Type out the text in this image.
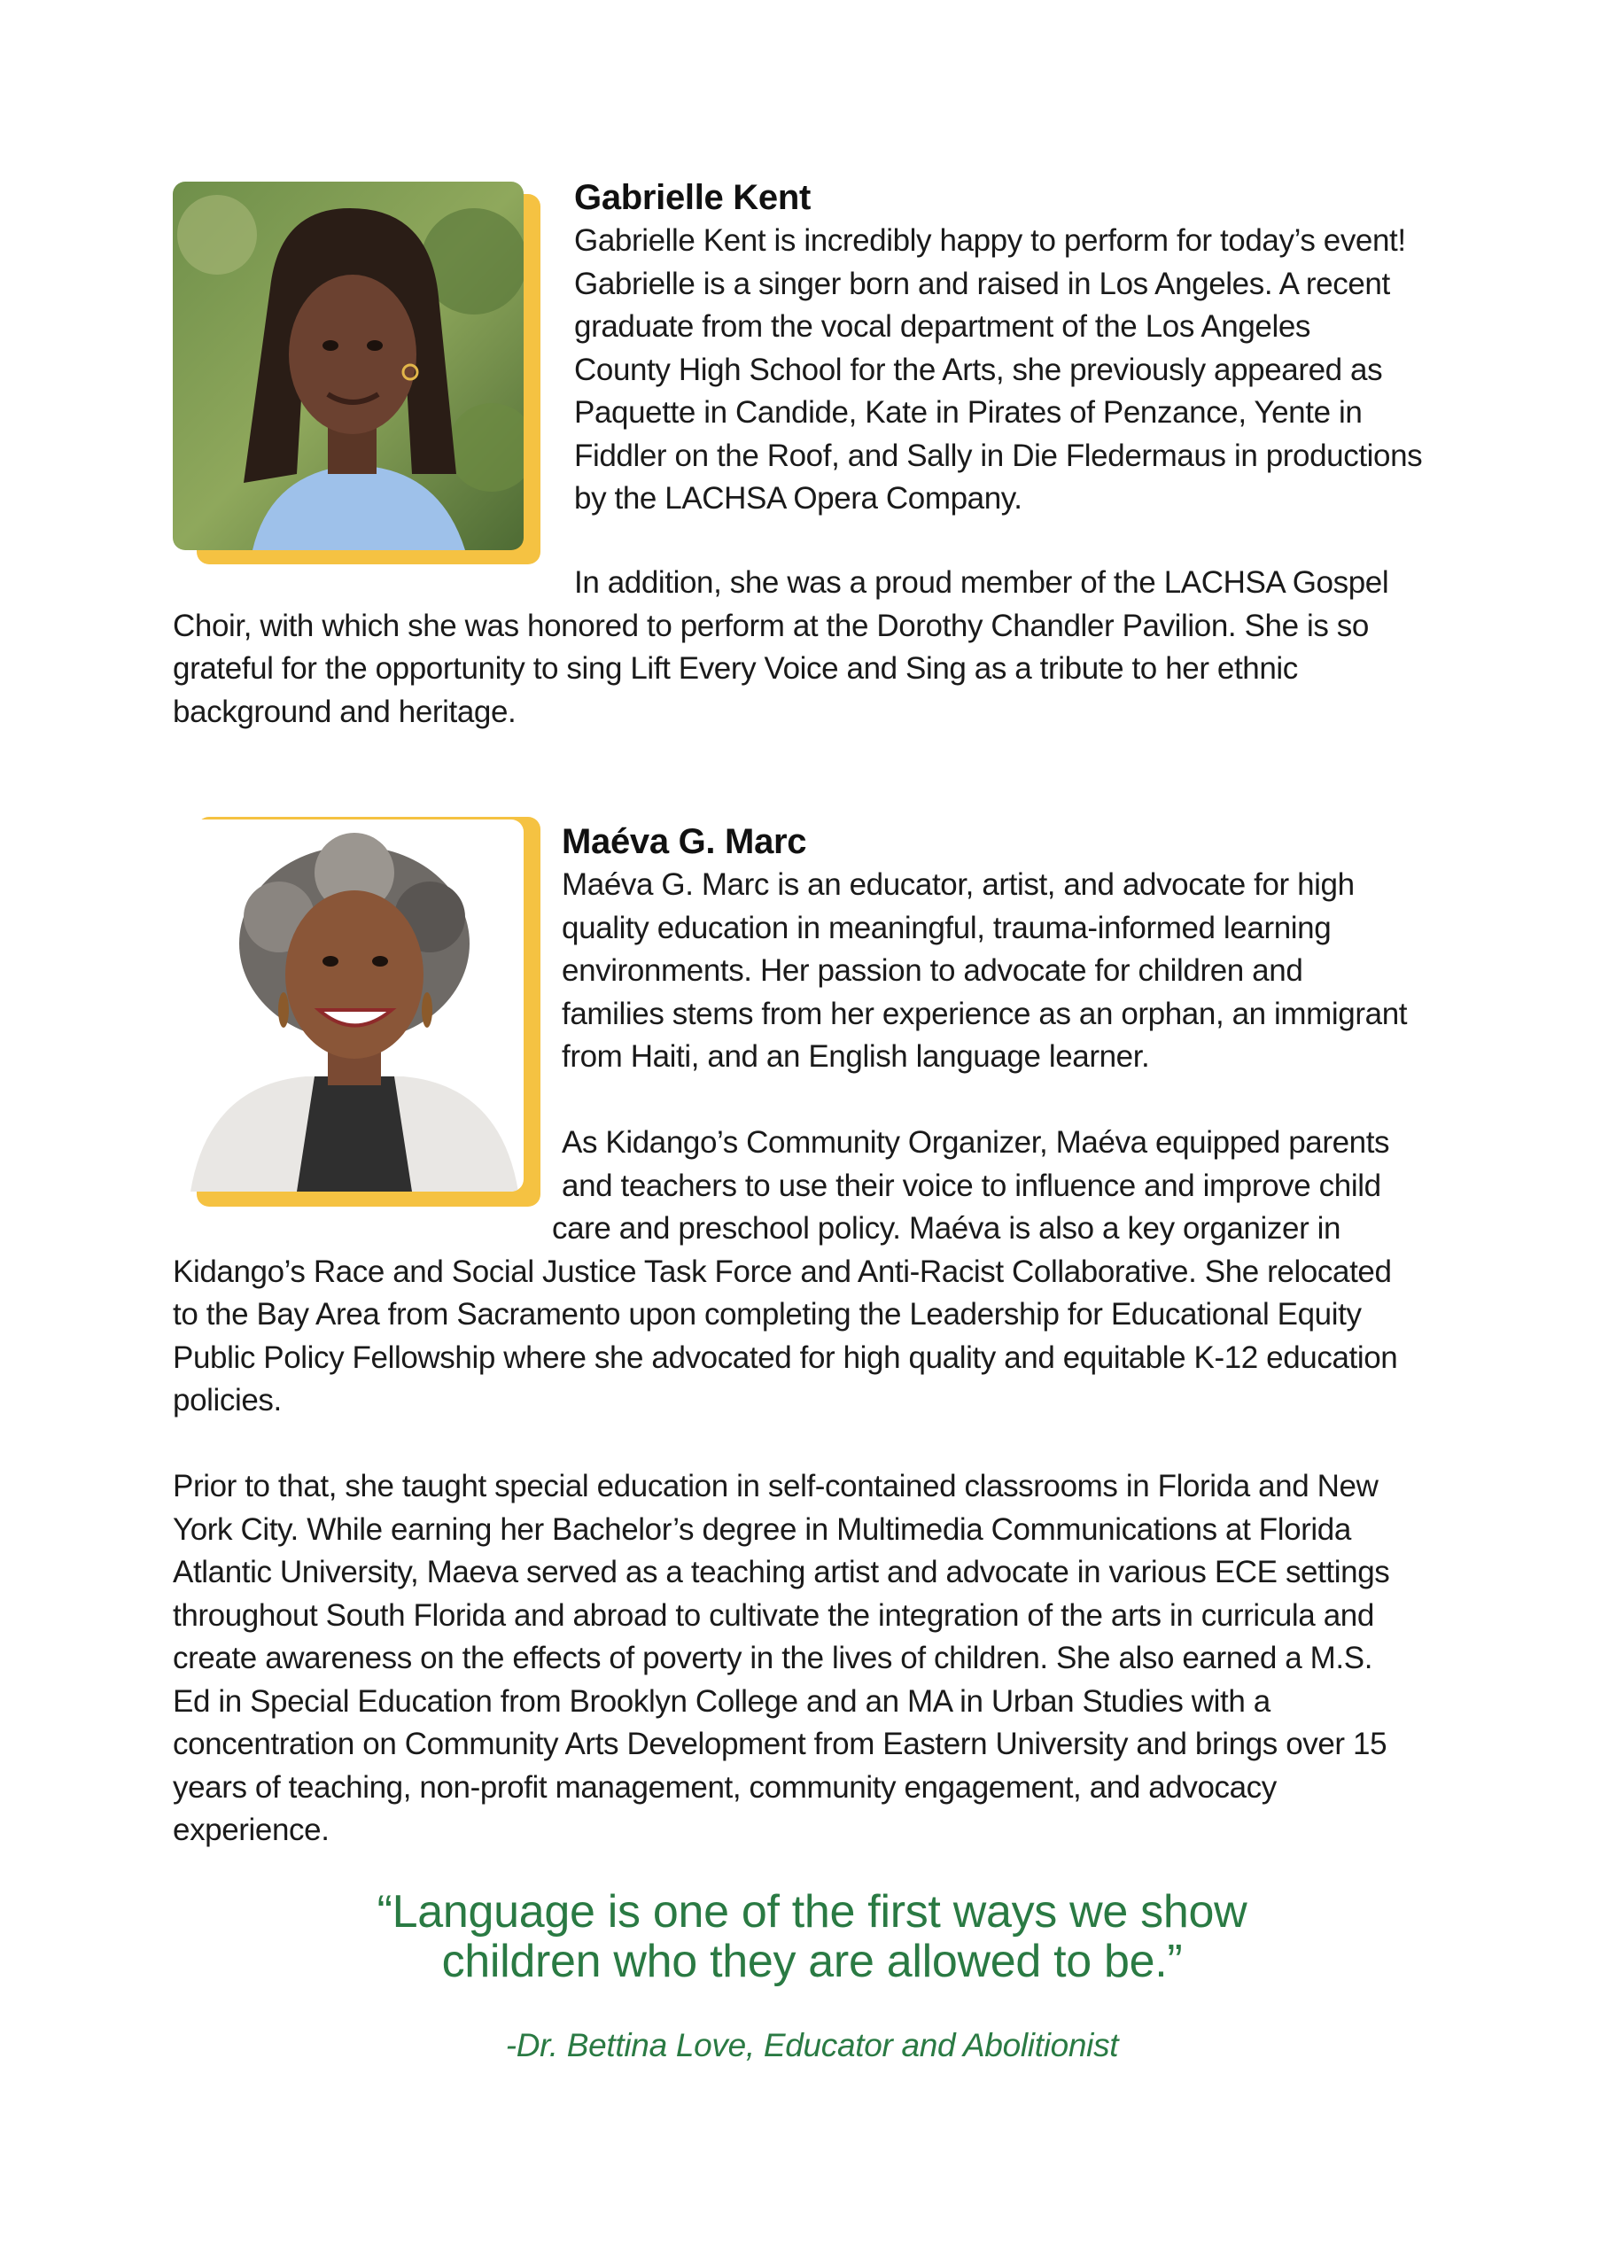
Gabrielle Kent
Gabrielle Kent is incredibly happy to perform for today’s event!
Gabrielle is a singer born and raised in Los Angeles. A recent
graduate from the vocal department of the Los Angeles
County High School for the Arts, she previously appeared as
Paquette in Candide, Kate in Pirates of Penzance, Yente in
Fiddler on the Roof, and Sally in Die Fledermaus in productions
by the LACHSA Opera Company.
In addition, she was a proud member of the LACHSA Gospel
Choir, with which she was honored to perform at the Dorothy Chandler Pavilion. She is so
grateful for the opportunity to sing Lift Every Voice and Sing as a tribute to her ethnic
background and heritage.
Maéva G. Marc
Maéva G. Marc is an educator, artist, and advocate for high
quality education in meaningful, trauma-informed learning
environments. Her passion to advocate for children and
families stems from her experience as an orphan, an immigrant
from Haiti, and an English language learner.
As Kidango’s Community Organizer, Maéva equipped parents
and teachers to use their voice to influence and improve child
care and preschool policy. Maéva is also a key organizer in
Kidango’s Race and Social Justice Task Force and Anti-Racist Collaborative. She relocated
to the Bay Area from Sacramento upon completing the Leadership for Educational Equity
Public Policy Fellowship where she advocated for high quality and equitable K-12 education
policies.
Prior to that, she taught special education in self-contained classrooms in Florida and New
York City. While earning her Bachelor’s degree in Multimedia Communications at Florida
Atlantic University, Maeva served as a teaching artist and advocate in various ECE settings
throughout South Florida and abroad to cultivate the integration of the arts in curricula and
create awareness on the effects of poverty in the lives of children. She also earned a M.S.
Ed in Special Education from Brooklyn College and an MA in Urban Studies with a
concentration on Community Arts Development from Eastern University and brings over 15
years of teaching, non-profit management, community engagement, and advocacy
experience.
“Language is one of the first ways we show
children who they are allowed to be.”
-Dr. Bettina Love, Educator and Abolitionist
